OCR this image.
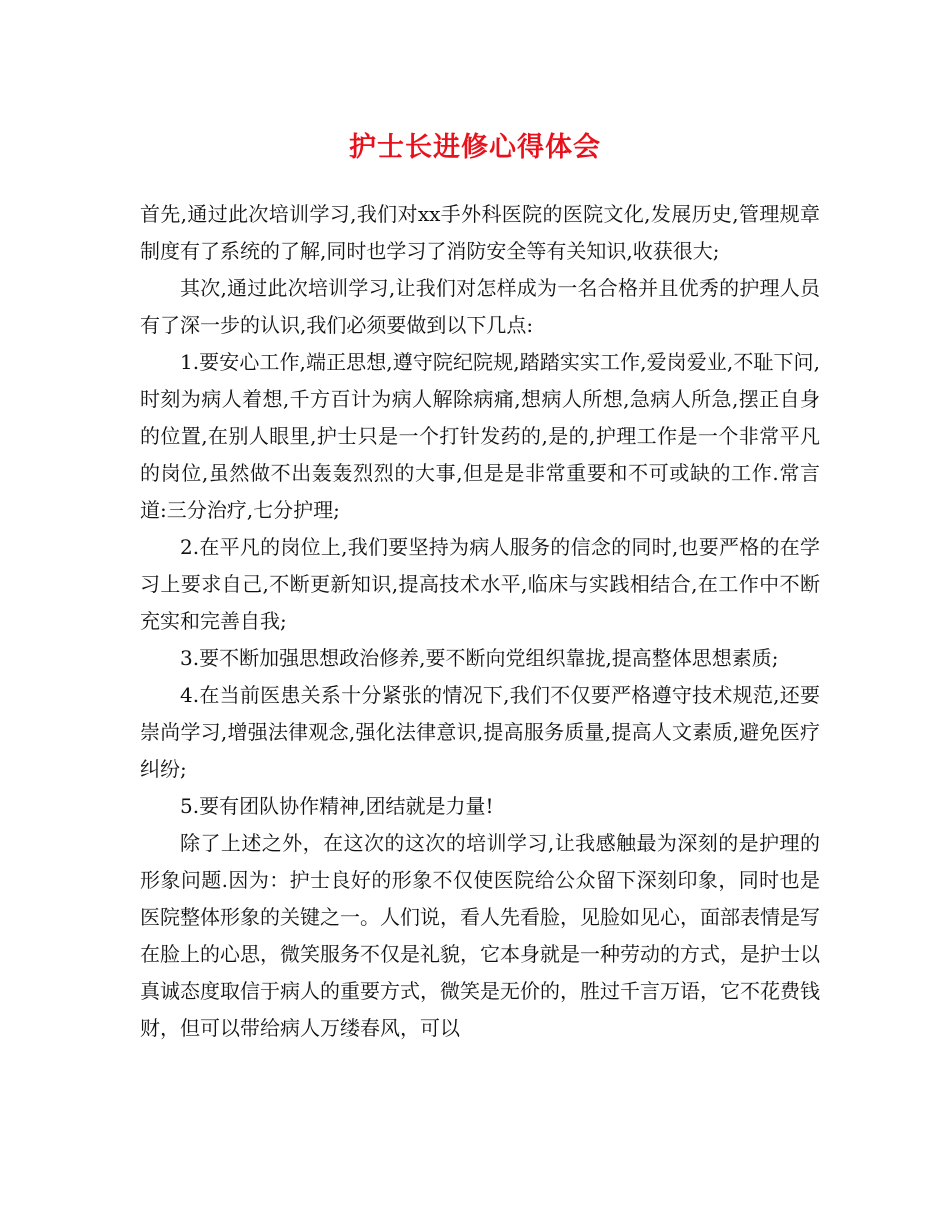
护士长进修心得体会

首先,通过此次培训学习,我们对xx手外科医院的医院文化,发展历史,管理规章制度有了系统的了解,同时也学习了消防安全等有关知识,收获很大;

其次,通过此次培训学习,让我们对怎样成为一名合格并且优秀的护理人员有了深一步的认识,我们必须要做到以下几点:

1.要安心工作,端正思想,遵守院纪院规,踏踏实实工作,爱岗爱业,不耻下问,时刻为病人着想,千方百计为病人解除病痛,想病人所想,急病人所急,摆正自身的位置,在别人眼里,护士只是一个打针发药的,是的,护理工作是一个非常平凡的岗位,虽然做不出轰轰烈烈的大事,但是是非常重要和不可或缺的工作.常言道:三分治疗,七分护理;

2.在平凡的岗位上,我们要坚持为病人服务的信念的同时,也要严格的在学习上要求自己,不断更新知识,提高技术水平,临床与实践相结合,在工作中不断充实和完善自我;

3.要不断加强思想政治修养,要不断向党组织靠拢,提高整体思想素质;

4.在当前医患关系十分紧张的情况下,我们不仅要严格遵守技术规范,还要崇尚学习,增强法律观念,强化法律意识,提高服务质量,提高人文素质,避免医疗纠纷;

5.要有团队协作精神,团结就是力量!

除了上述之外，在这次的这次的培训学习,让我感触最为深刻的是护理的形象问题.因为：护士良好的形象不仅使医院给公众留下深刻印象，同时也是医院整体形象的关键之一。人们说，看人先看脸，见脸如见心，面部表情是写在脸上的心思，微笑服务不仅是礼貌，它本身就是一种劳动的方式，是护士以真诚态度取信于病人的重要方式，微笑是无价的，胜过千言万语，它不花费钱财，但可以带给病人万缕春风，可以
